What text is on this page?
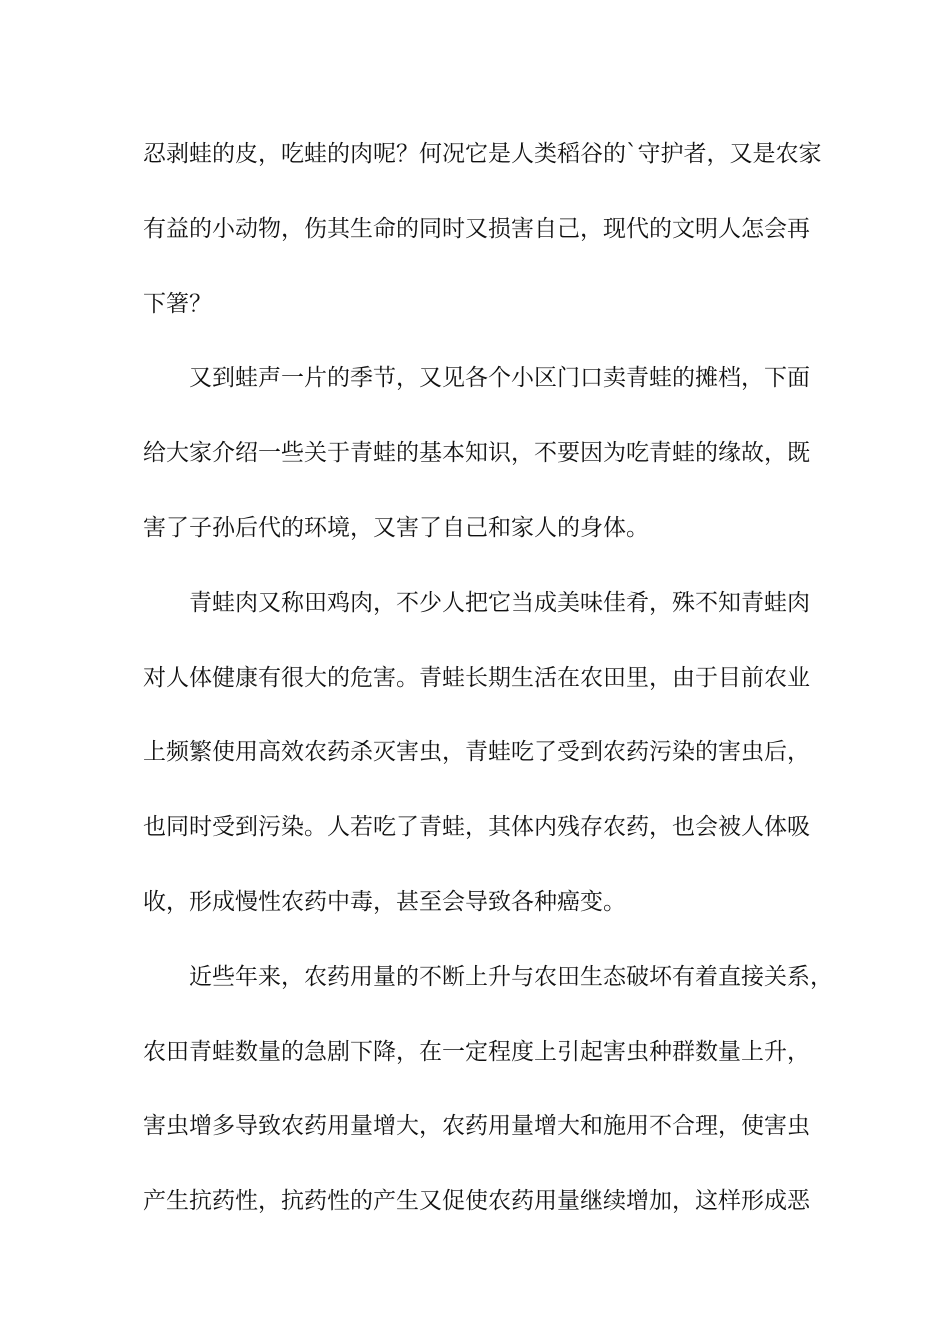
忍剥蛙的皮，吃蛙的肉呢？何况它是人类稻谷的`守护者，又是农家
有益的小动物，伤其生命的同时又损害自己，现代的文明人怎会再
下箸？
又到蛙声一片的季节，又见各个小区门口卖青蛙的摊档，下面
给大家介绍一些关于青蛙的基本知识，不要因为吃青蛙的缘故，既
害了子孙后代的环境，又害了自己和家人的身体。
青蛙肉又称田鸡肉，不少人把它当成美味佳肴，殊不知青蛙肉
对人体健康有很大的危害。青蛙长期生活在农田里，由于目前农业
上频繁使用高效农药杀灭害虫，青蛙吃了受到农药污染的害虫后，
也同时受到污染。人若吃了青蛙，其体内残存农药，也会被人体吸
收，形成慢性农药中毒，甚至会导致各种癌变。
近些年来，农药用量的不断上升与农田生态破坏有着直接关系，
农田青蛙数量的急剧下降，在一定程度上引起害虫种群数量上升，
害虫增多导致农药用量增大，农药用量增大和施用不合理，使害虫
产生抗药性，抗药性的产生又促使农药用量继续增加，这样形成恶
